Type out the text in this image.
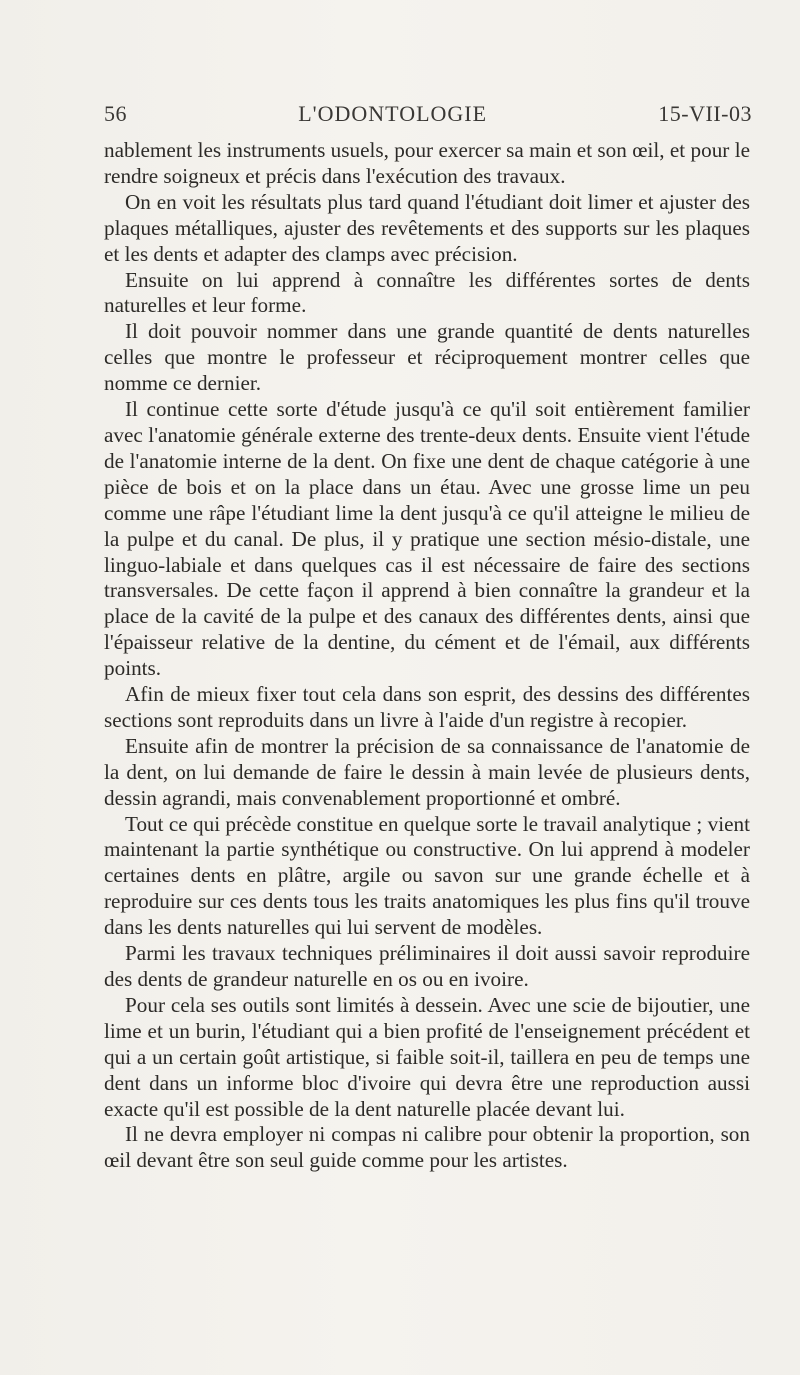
56	L'ODONTOLOGIE	15-VII-03

nablement les instruments usuels, pour exercer sa main et son œil, et pour le rendre soigneux et précis dans l'exécution des travaux.

On en voit les résultats plus tard quand l'étudiant doit limer et ajuster des plaques métalliques, ajuster des revêtements et des supports sur les plaques et les dents et adapter des clamps avec précision.

Ensuite on lui apprend à connaître les différentes sortes de dents naturelles et leur forme.

Il doit pouvoir nommer dans une grande quantité de dents naturelles celles que montre le professeur et réciproquement montrer celles que nomme ce dernier.

Il continue cette sorte d'étude jusqu'à ce qu'il soit entièrement familier avec l'anatomie générale externe des trente-deux dents. Ensuite vient l'étude de l'anatomie interne de la dent. On fixe une dent de chaque catégorie à une pièce de bois et on la place dans un étau. Avec une grosse lime un peu comme une râpe l'étudiant lime la dent jusqu'à ce qu'il atteigne le milieu de la pulpe et du canal. De plus, il y pratique une section mésio-distale, une linguo-labiale et dans quelques cas il est nécessaire de faire des sections transversales. De cette façon il apprend à bien connaître la grandeur et la place de la cavité de la pulpe et des canaux des différentes dents, ainsi que l'épaisseur relative de la dentine, du cément et de l'émail, aux différents points.

Afin de mieux fixer tout cela dans son esprit, des dessins des différentes sections sont reproduits dans un livre à l'aide d'un registre à recopier.

Ensuite afin de montrer la précision de sa connaissance de l'anatomie de la dent, on lui demande de faire le dessin à main levée de plusieurs dents, dessin agrandi, mais convenablement proportionné et ombré.

Tout ce qui précède constitue en quelque sorte le travail analytique ; vient maintenant la partie synthétique ou constructive. On lui apprend à modeler certaines dents en plâtre, argile ou savon sur une grande échelle et à reproduire sur ces dents tous les traits anatomiques les plus fins qu'il trouve dans les dents naturelles qui lui servent de modèles.

Parmi les travaux techniques préliminaires il doit aussi savoir reproduire des dents de grandeur naturelle en os ou en ivoire.

Pour cela ses outils sont limités à dessein. Avec une scie de bijoutier, une lime et un burin, l'étudiant qui a bien profité de l'enseignement précédent et qui a un certain goût artistique, si faible soit-il, taillera en peu de temps une dent dans un informe bloc d'ivoire qui devra être une reproduction aussi exacte qu'il est possible de la dent naturelle placée devant lui.

Il ne devra employer ni compas ni calibre pour obtenir la proportion, son œil devant être son seul guide comme pour les artistes.
